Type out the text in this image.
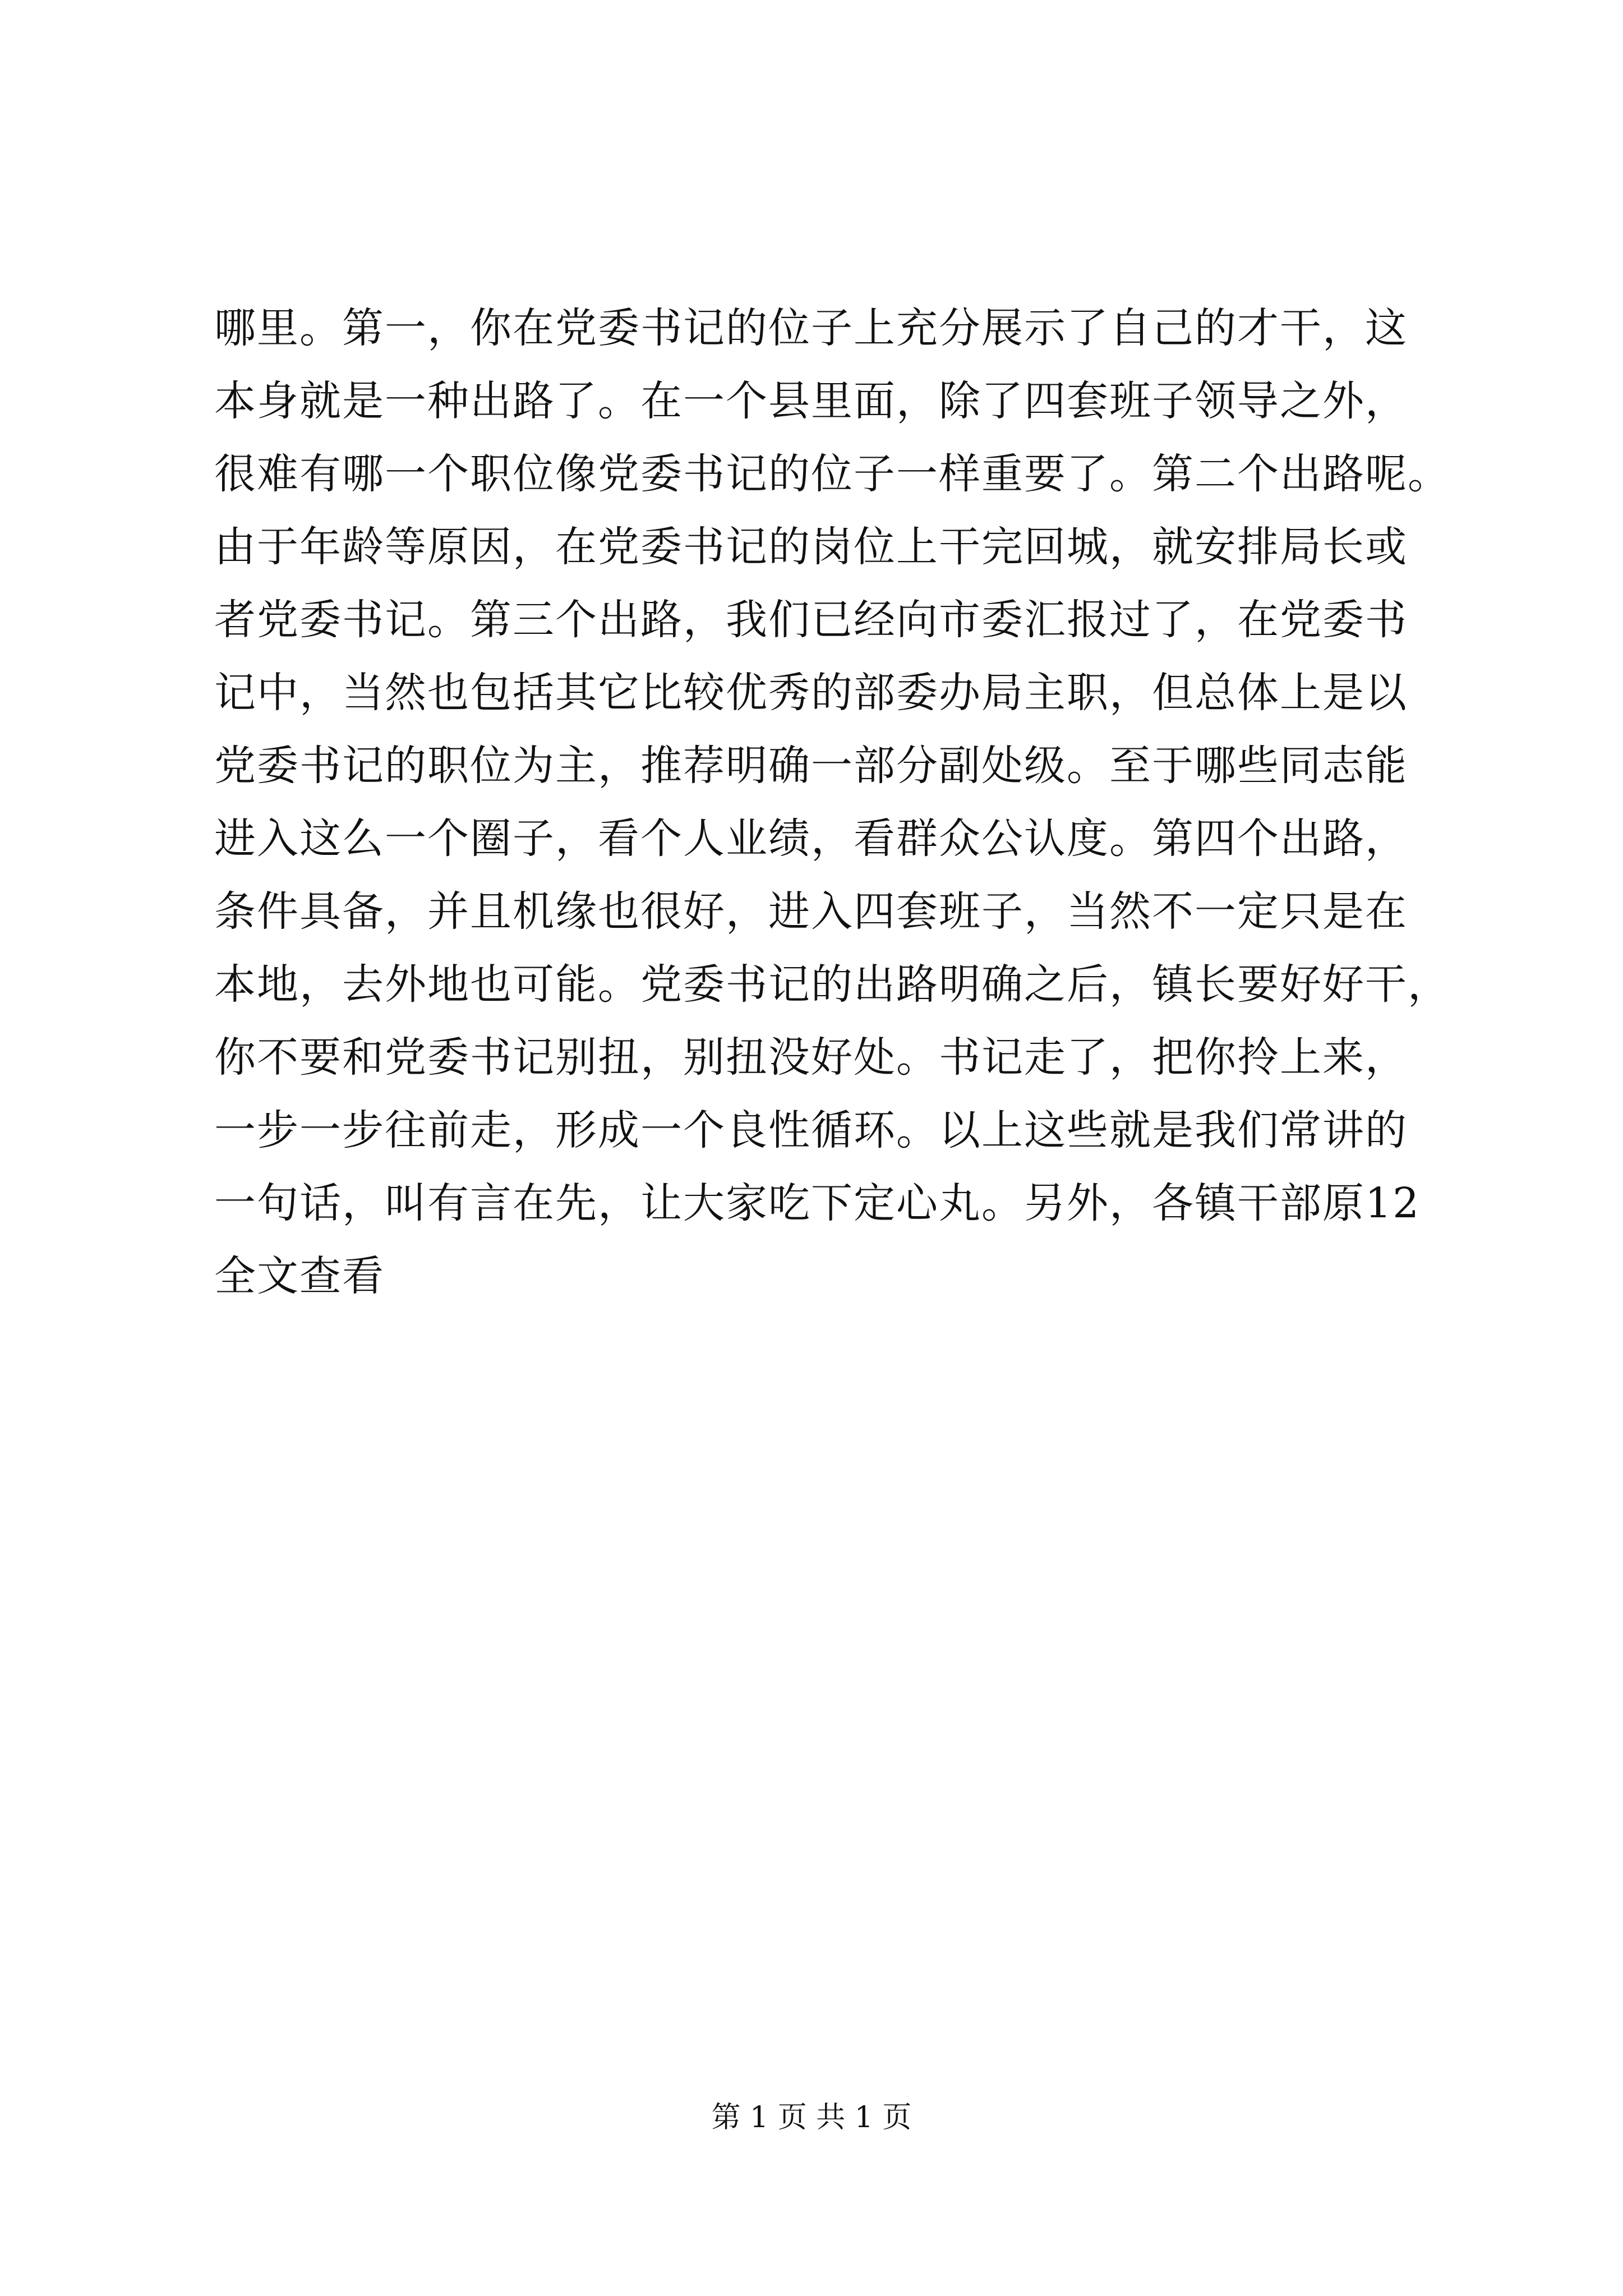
哪里。第一，你在党委书记的位子上充分展示了自己的才干，这
本身就是一种出路了。在一个县里面，除了四套班子领导之外，
很难有哪一个职位像党委书记的位子一样重要了。第二个出路呢。
由于年龄等原因，在党委书记的岗位上干完回城，就安排局长或
者党委书记。第三个出路，我们已经向市委汇报过了，在党委书
记中，当然也包括其它比较优秀的部委办局主职，但总体上是以
党委书记的职位为主，推荐明确一部分副处级。至于哪些同志能
进入这么一个圈子，看个人业绩，看群众公认度。第四个出路，
条件具备，并且机缘也很好，进入四套班子，当然不一定只是在
本地，去外地也可能。党委书记的出路明确之后，镇长要好好干，
你不要和党委书记别扭，别扭没好处。书记走了，把你拎上来，
一步一步往前走，形成一个良性循环。以上这些就是我们常讲的
一句话，叫有言在先，让大家吃下定心丸。另外，各镇干部原12
全文查看
第 1 页 共 1 页
